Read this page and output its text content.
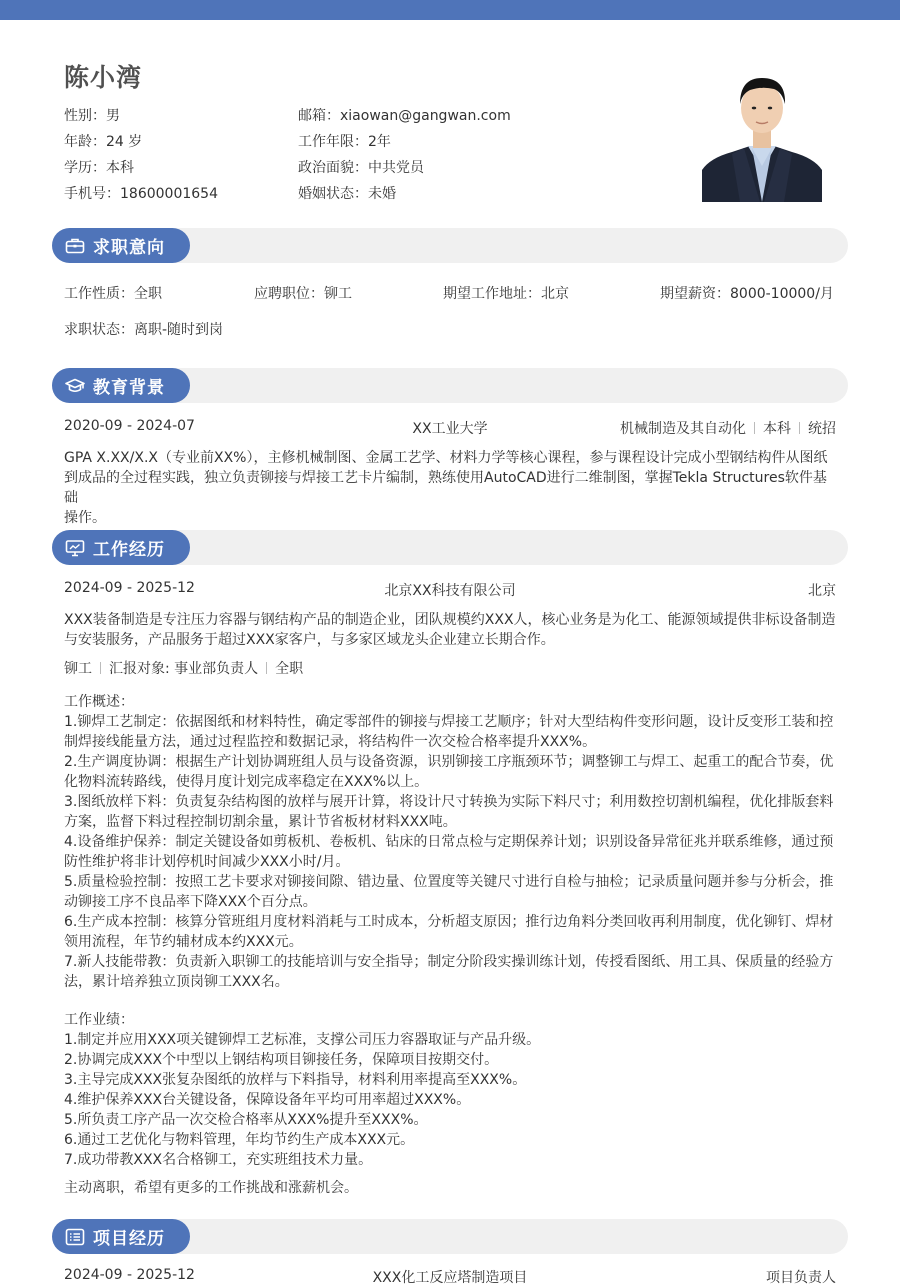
陈小湾
性别：男	邮箱：xiaowan@gangwan.com
年龄：24 岁	工作年限：2年
学历：本科	政治面貌：中共党员
手机号：18600001654	婚姻状态：未婚
求职意向
工作性质：全职	应聘职位：铆工	期望工作地址：北京	期望薪资：8000-10000/月
求职状态：离职-随时到岗
教育背景
2020-09 - 2024-07	XX工业大学	机械制造及其自动化 本科 统招
GPA X.XX/X.X（专业前XX%），主修机械制图、金属工艺学、材料力学等核心课程，参与课程设计完成小型钢结构件从图纸
到成品的全过程实践，独立负责铆接与焊接工艺卡片编制，熟练使用AutoCAD进行二维制图，掌握Tekla Structures软件基础
操作。
工作经历
2024-09 - 2025-12	北京XX科技有限公司	北京
XXX装备制造是专注压力容器与钢结构产品的制造企业，团队规模约XXX人，核心业务是为化工、能源领域提供非标设备制造
与安装服务，产品服务于超过XXX家客户，与多家区域龙头企业建立长期合作。
铆工 汇报对象: 事业部负责人 全职
工作概述：
1.铆焊工艺制定：依据图纸和材料特性，确定零部件的铆接与焊接工艺顺序；针对大型结构件变形问题，设计反变形工装和控
制焊接线能量方法，通过过程监控和数据记录，将结构件一次交检合格率提升XXX%。
2.生产调度协调：根据生产计划协调班组人员与设备资源，识别铆接工序瓶颈环节；调整铆工与焊工、起重工的配合节奏，优
化物料流转路线，使得月度计划完成率稳定在XXX%以上。
3.图纸放样下料：负责复杂结构图的放样与展开计算，将设计尺寸转换为实际下料尺寸；利用数控切割机编程，优化排版套料
方案，监督下料过程控制切割余量，累计节省板材材料XXX吨。
4.设备维护保养：制定关键设备如剪板机、卷板机、钻床的日常点检与定期保养计划；识别设备异常征兆并联系维修，通过预
防性维护将非计划停机时间减少XXX小时/月。
5.质量检验控制：按照工艺卡要求对铆接间隙、错边量、位置度等关键尺寸进行自检与抽检；记录质量问题并参与分析会，推
动铆接工序不良品率下降XXX个百分点。
6.生产成本控制：核算分管班组月度材料消耗与工时成本，分析超支原因；推行边角料分类回收再利用制度，优化铆钉、焊材
领用流程，年节约辅材成本约XXX元。
7.新人技能带教：负责新入职铆工的技能培训与安全指导；制定分阶段实操训练计划，传授看图纸、用工具、保质量的经验方
法，累计培养独立顶岗铆工XXX名。
工作业绩：
1.制定并应用XXX项关键铆焊工艺标准，支撑公司压力容器取证与产品升级。
2.协调完成XXX个中型以上钢结构项目铆接任务，保障项目按期交付。
3.主导完成XXX张复杂图纸的放样与下料指导，材料利用率提高至XXX%。
4.维护保养XXX台关键设备，保障设备年平均可用率超过XXX%。
5.所负责工序产品一次交检合格率从XXX%提升至XXX%。
6.通过工艺优化与物料管理，年均节约生产成本XXX元。
7.成功带教XXX名合格铆工，充实班组技术力量。
主动离职，希望有更多的工作挑战和涨薪机会。
项目经历
2024-09 - 2025-12	XXX化工反应塔制造项目	项目负责人
